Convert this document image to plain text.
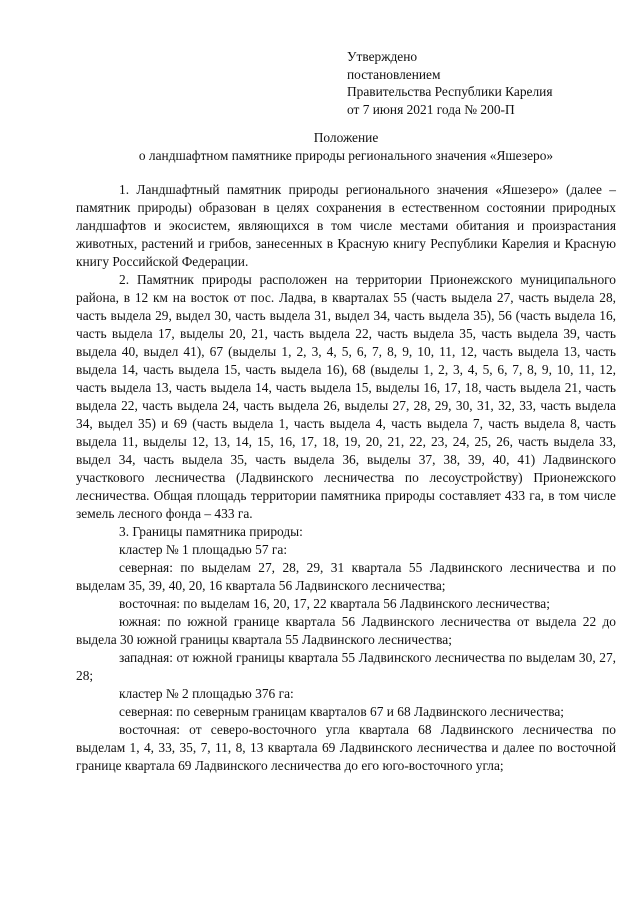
Утверждено
постановлением
Правительства Республики Карелия
от 7 июня 2021 года № 200-П
Положение
о ландшафтном памятнике природы регионального значения «Яшезеро»

1. Ландшафтный памятник природы регионального значения «Яшезеро» (далее – памятник природы) образован в целях сохранения в естественном состоянии природных ландшафтов и экосистем, являющихся в том числе местами обитания и произрастания животных, растений и грибов, занесенных в Красную книгу Республики Карелия и Красную книгу Российской Федерации.

2. Памятник природы расположен на территории Прионежского муниципального района, в 12 км на восток от пос. Ладва, в кварталах 55 (часть выдела 27, часть выдела 28, часть выдела 29, выдел 30, часть выдела 31, выдел 34, часть выдела 35), 56 (часть выдела 16, часть выдела 17, выделы 20, 21, часть выдела 22, часть выдела 35, часть выдела 39, часть выдела 40, выдел 41), 67 (выделы 1, 2, 3, 4, 5, 6, 7, 8, 9, 10, 11, 12, часть выдела 13, часть выдела 14, часть выдела 15, часть выдела 16), 68 (выделы 1, 2, 3, 4, 5, 6, 7, 8, 9, 10, 11, 12, часть выдела 13, часть выдела 14, часть выдела 15, выделы 16, 17, 18, часть выдела 21, часть выдела 22, часть выдела 24, часть выдела 26, выделы 27, 28, 29, 30, 31, 32, 33, часть выдела 34, выдел 35) и 69 (часть выдела 1, часть выдела 4, часть выдела 7, часть выдела 8, часть выдела 11, выделы 12, 13, 14, 15, 16, 17, 18, 19, 20, 21, 22, 23, 24, 25, 26, часть выдела 33, выдел 34, часть выдела 35, часть выдела 36, выделы 37, 38, 39, 40, 41) Ладвинского участкового лесничества (Ладвинского лесничества по лесоустройству) Прионежского лесничества. Общая площадь территории памятника природы составляет 433 га, в том числе земель лесного фонда – 433 га.

3. Границы памятника природы:

кластер № 1 площадью 57 га:

северная: по выделам 27, 28, 29, 31 квартала 55 Ладвинского лесничества и по выделам 35, 39, 40, 20, 16 квартала 56 Ладвинского лесничества;

восточная: по выделам 16, 20, 17, 22 квартала 56 Ладвинского лесничества;

южная: по южной границе квартала 56 Ладвинского лесничества от выдела 22 до выдела 30 южной границы квартала 55 Ладвинского лесничества;

западная: от южной границы квартала 55 Ладвинского лесничества по выделам 30, 27, 28;

кластер № 2 площадью 376 га:

северная: по северным границам кварталов 67 и 68 Ладвинского лесничества;

восточная: от северо-восточного угла квартала 68 Ладвинского лесничества по выделам 1, 4, 33, 35, 7, 11, 8, 13 квартала 69 Ладвинского лесничества и далее по восточной границе квартала 69 Ладвинского лесничества до его юго-восточного угла;
